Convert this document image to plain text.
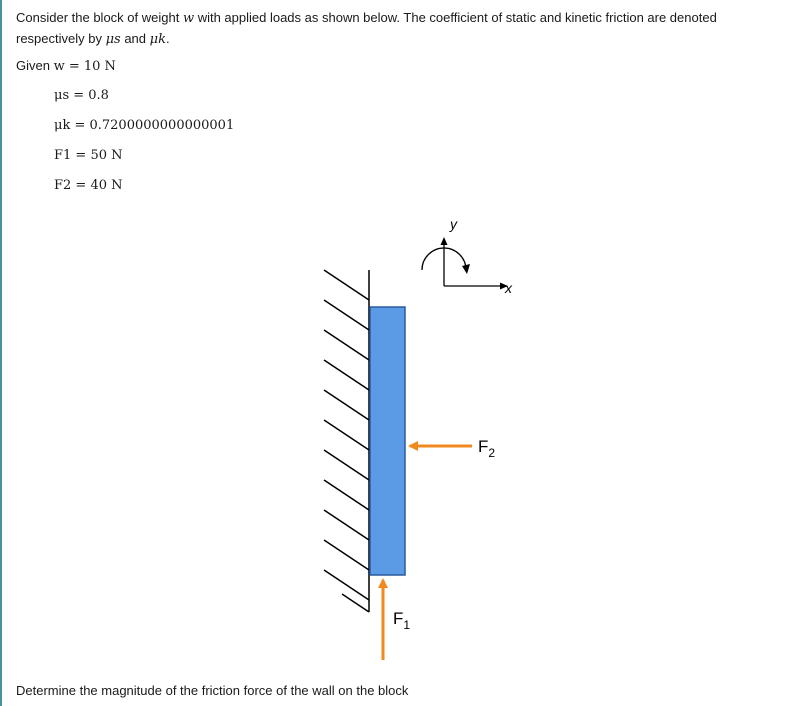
Consider the block of weight w with applied loads as shown below. The coefficient of static and kinetic friction are denoted respectively by μs and μk.
Given w = 10 N
μs = 0.8
μk = 0.7200000000000001
F1 = 50 N
F2 = 40 N
$F_1$
$F_2$
y
x
Determine the magnitude of the friction force of the wall on the block
